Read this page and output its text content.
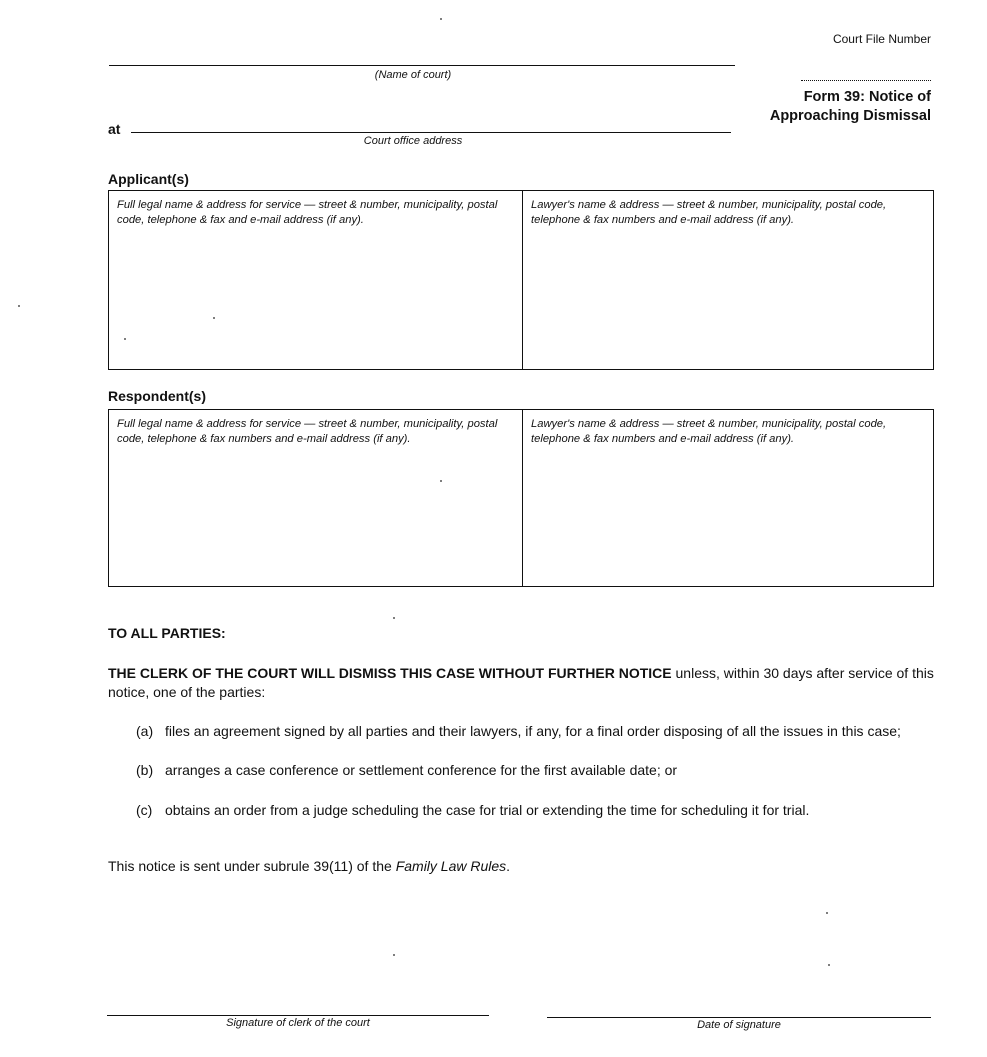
Court File Number
(Name of court)
Form 39: Notice of
Approaching Dismissal
at
Court office address
Applicant(s)
Full legal name & address for service — street & number, municipality, postal code, telephone & fax and e-mail address (if any).
Lawyer's name & address — street & number, municipality, postal code, telephone & fax numbers and e-mail address (if any).
Respondent(s)
Full legal name & address for service — street & number, municipality, postal code, telephone & fax numbers and e-mail address (if any).
Lawyer's name & address — street & number, municipality, postal code, telephone & fax numbers and e-mail address (if any).
TO ALL PARTIES:
THE CLERK OF THE COURT WILL DISMISS THIS CASE WITHOUT FURTHER NOTICE unless, within 30 days after service of this notice, one of the parties:
(a) files an agreement signed by all parties and their lawyers, if any, for a final order disposing of all the issues in this case;
(b) arranges a case conference or settlement conference for the first available date; or
(c) obtains an order from a judge scheduling the case for trial or extending the time for scheduling it for trial.
This notice is sent under subrule 39(11) of the Family Law Rules.
Signature of clerk of the court	Date of signature
